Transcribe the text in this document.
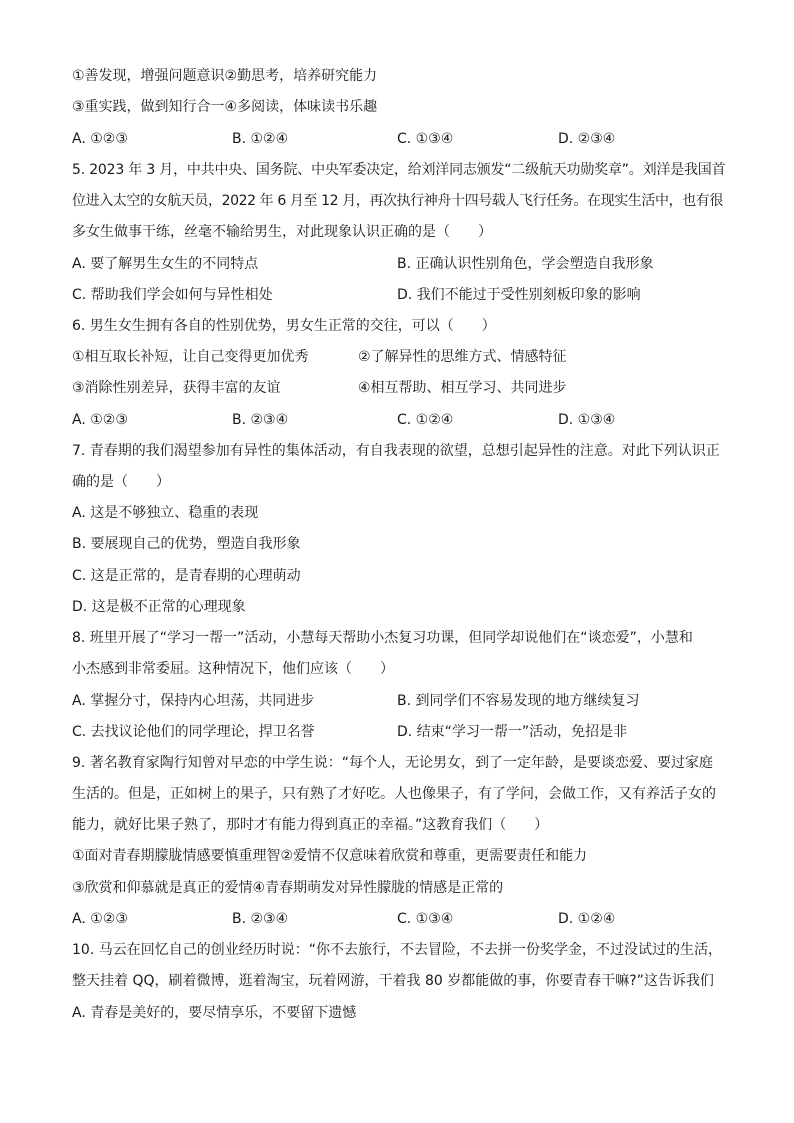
①善发现，增强问题意识②勤思考，培养研究能力
③重实践，做到知行合一④多阅读，体味读书乐趣
A. ①②③	B. ①②④	C. ①③④	D. ②③④
5. 2023 年 3 月，中共中央、国务院、中央军委决定，给刘洋同志颁发“二级航天功勋奖章”。刘洋是我国首
位进入太空的女航天员，2022 年 6 月至 12 月，再次执行神舟十四号载人飞行任务。在现实生活中，也有很
多女生做事干练，丝毫不输给男生，对此现象认识正确的是（　　）
A. 要了解男生女生的不同特点	B. 正确认识性别角色，学会塑造自我形象
C. 帮助我们学会如何与异性相处	D. 我们不能过于受性别刻板印象的影响
6. 男生女生拥有各自的性别优势，男女生正常的交往，可以（　　）
①相互取长补短，让自己变得更加优秀	②了解异性的思维方式、情感特征
③消除性别差异，获得丰富的友谊	④相互帮助、相互学习、共同进步
A. ①②③	B. ②③④	C. ①②④	D. ①③④
7. 青春期的我们渴望参加有异性的集体活动，有自我表现的欲望，总想引起异性的注意。对此下列认识正
确的是（　　）
A. 这是不够独立、稳重的表现
B. 要展现自己的优势，塑造自我形象
C. 这是正常的，是青春期的心理萌动
D. 这是极不正常的心理现象
8. 班里开展了“学习一帮一”活动，小慧每天帮助小杰复习功课，但同学却说他们在“谈恋爱”，小慧和
小杰感到非常委屈。这种情况下，他们应该（　　）
A. 掌握分寸，保持内心坦荡，共同进步	B. 到同学们不容易发现的地方继续复习
C. 去找议论他们的同学理论，捍卫名誉	D. 结束“学习一帮一”活动，免招是非
9. 著名教育家陶行知曾对早恋的中学生说：“每个人，无论男女，到了一定年龄，是要谈恋爱、要过家庭
生活的。但是，正如树上的果子，只有熟了才好吃。人也像果子，有了学问，会做工作，又有养活子女的
能力，就好比果子熟了，那时才有能力得到真正的幸福。”这教育我们（　　）
①面对青春期朦胧情感要慎重理智②爱情不仅意味着欣赏和尊重，更需要责任和能力
③欣赏和仰慕就是真正的爱情④青春期萌发对异性朦胧的情感是正常的
A. ①②③	B. ②③④	C. ①③④	D. ①②④
10. 马云在回忆自己的创业经历时说：“你不去旅行，不去冒险，不去拼一份奖学金，不过没试过的生活，
整天挂着 QQ，刷着微博，逛着淘宝，玩着网游，干着我 80 岁都能做的事，你要青春干嘛?”这告诉我们
A. 青春是美好的，要尽情享乐，不要留下遗憾
